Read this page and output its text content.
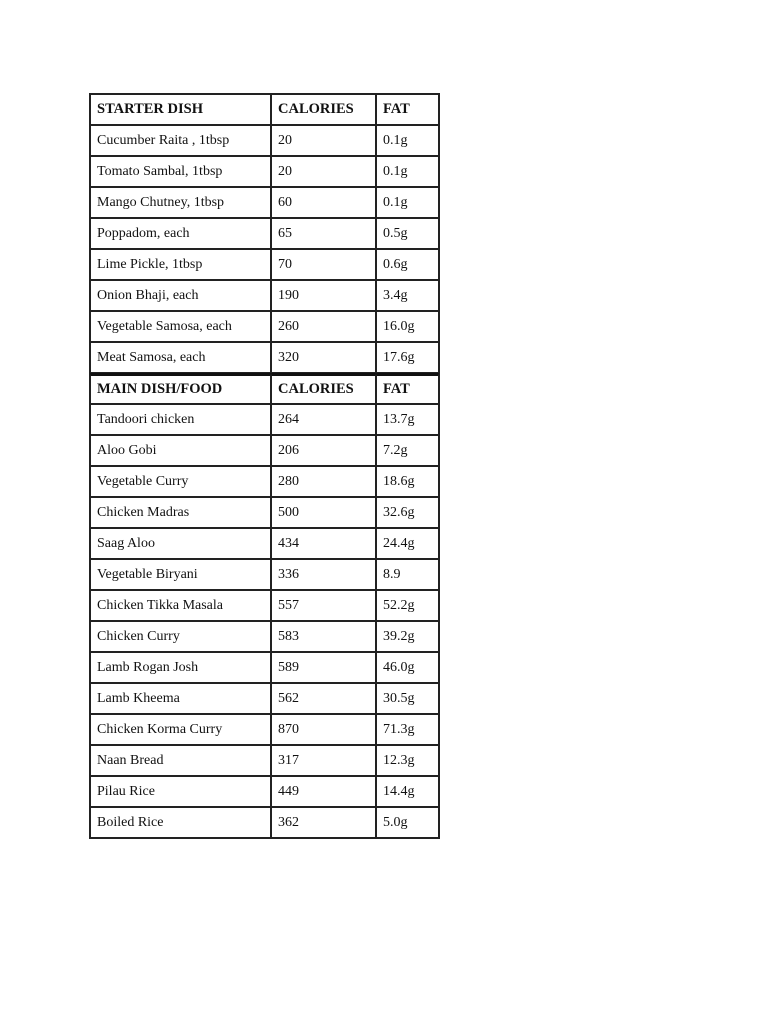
STARTER DISH	CALORIES	FAT
Cucumber Raita , 1tbsp	20	0.1g
Tomato Sambal, 1tbsp	20	0.1g
Mango Chutney, 1tbsp	60	0.1g
Poppadom, each	65	0.5g
Lime Pickle, 1tbsp	70	0.6g
Onion Bhaji, each	190	3.4g
Vegetable Samosa, each	260	16.0g
Meat Samosa, each	320	17.6g
MAIN DISH/FOOD	CALORIES	FAT
Tandoori chicken	264	13.7g
Aloo Gobi	206	7.2g
Vegetable Curry	280	18.6g
Chicken Madras	500	32.6g
Saag Aloo	434	24.4g
Vegetable Biryani	336	8.9
Chicken Tikka Masala	557	52.2g
Chicken Curry	583	39.2g
Lamb Rogan Josh	589	46.0g
Lamb Kheema	562	30.5g
Chicken Korma Curry	870	71.3g
Naan Bread	317	12.3g
Pilau Rice	449	14.4g
Boiled Rice	362	5.0g
